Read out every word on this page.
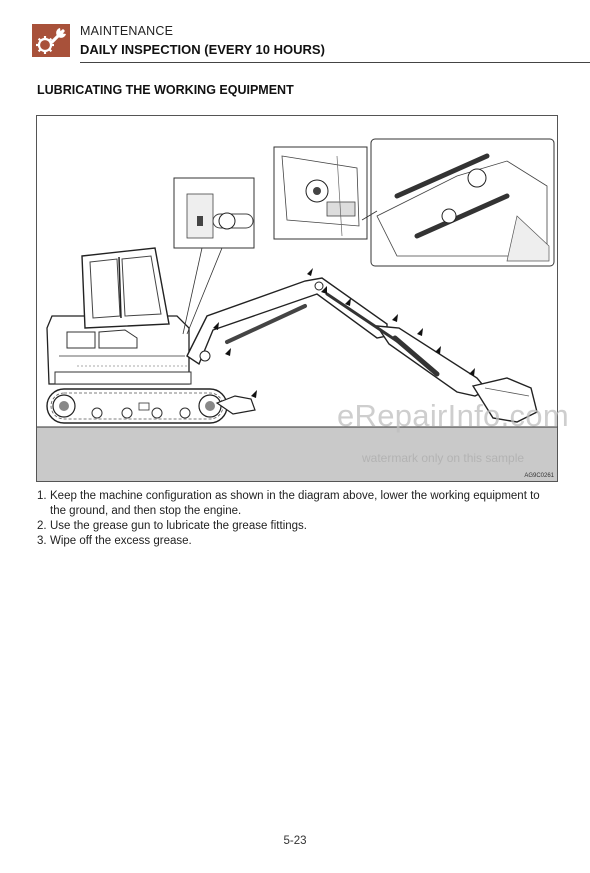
MAINTENANCE
DAILY INSPECTION (EVERY 10 HOURS)
LUBRICATING THE WORKING EQUIPMENT
AG9C0261
eRepairInfo.com
watermark only on this sample
1. Keep the machine configuration as shown in the diagram above, lower the working equipment to the ground, and then stop the engine.
2. Use the grease gun to lubricate the grease fittings.
3. Wipe off the excess grease.
5-23
